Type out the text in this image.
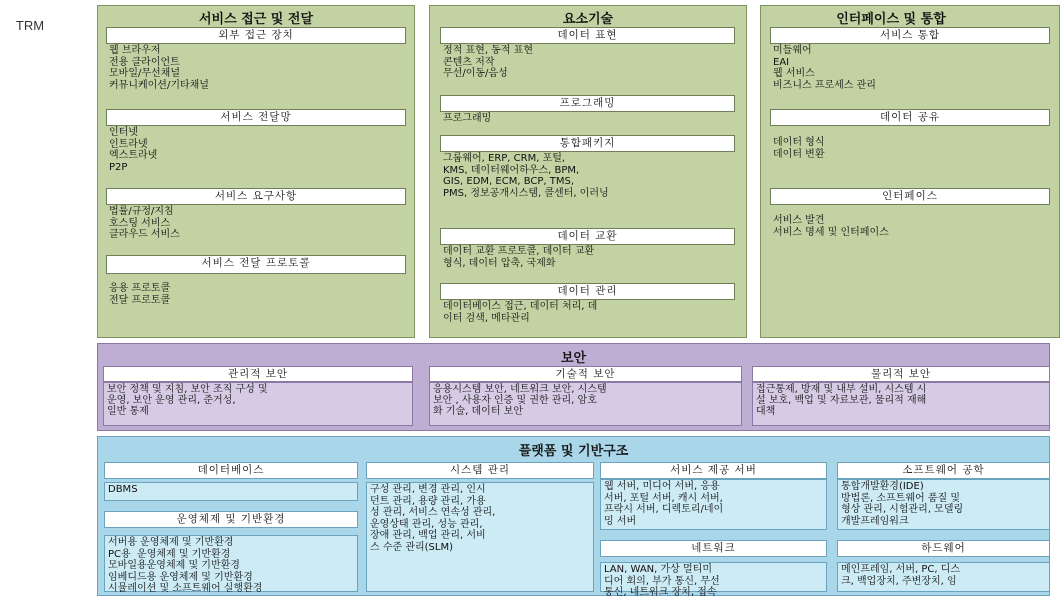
TRM	서비스 접근 및 전달
외부 접근 장치
웹 브라우저
전용 클라이언트
모바일/무선채널
커뮤니케이션/기타채널
서비스 전달망
인터넷
인트라넷
엑스트라넷
P2P
서비스 요구사항
법률/규정/지침
호스팅 서비스
클라우드 서비스
서비스 전달 프로토콜
응용 프로토콜
전달 프로토콜
요소기술
데이터 표현
정적 표현, 동적 표현
콘텐츠 저작
무선/이동/음성
프로그래밍
프로그래밍
통합패키지
그룹웨어, ERP, CRM, 포털,
KMS, 데이터웨어하우스, BPM,
GIS, EDM, ECM, BCP, TMS,
PMS, 정보공개시스템, 콜센터, 이러닝
데이터 교환
데이터 교환 프로토콜, 데이터 교환
형식, 데이터 압축, 국제화
데이터 관리
데이터베이스 접근, 데이터 처리, 데
이터 검색, 메타관리
인터페이스 및 통합
서비스 통합
미들웨어
EAI
웹 서비스
비즈니스 프로세스 관리
데이터 공유
데이터 형식
데이터 변환
인터페이스
서비스 발견
서비스 명세 및 인터페이스
보안
관리적 보안
보안 정책 및 지침, 보안 조직 구성 및
운영, 보안 운영 관리, 준거성,
일반 통제
기술적 보안
응용시스템 보안, 네트워크 보안, 시스템
보안 , 사용자 인증 및 권한 관리, 암호
화 기술, 데이터 보안
물리적 보안
접근통제, 방재 및 내부 설비, 시스템 시
설 보호, 백업 및 자료보관, 물리적 재해
대책
플랫폼 및 기반구조
데이터베이스
DBMS
운영체제 및 기반환경
서버용 운영체제 및 기반환경
PC용  운영체제 및 기반환경
모바일용운영체제 및 기반환경
임베디드용 운영체제 및 기반환경
시뮬레이션 및 소프트웨어 실행환경
시스템 관리
구성 관리, 변경 관리, 인시
던트 관리, 용량 관리, 가용
성 관리, 서비스 연속성 관리,
운영상태 관리, 성능 관리,
장애 관리, 백업 관리, 서비
스 수준 관리(SLM)
서비스 제공 서버
웹 서버, 미디어 서버, 응용
서버, 포털 서버, 캐시 서버,
프락시 서버, 디렉토리/네이
밍 서버
네트워크
LAN, WAN, 가상 멀티미
디어 회의, 부가 통신, 무선
통신, 네트워크 장치, 접속
소프트웨어 공학
통합개발환경(IDE)
방법론, 소프트웨어 품질 및
형상 관리, 시험관리, 모델링
개발프레임워크
하드웨어
메인프레임, 서버, PC, 디스
크, 백업장치, 주변장치, 임
